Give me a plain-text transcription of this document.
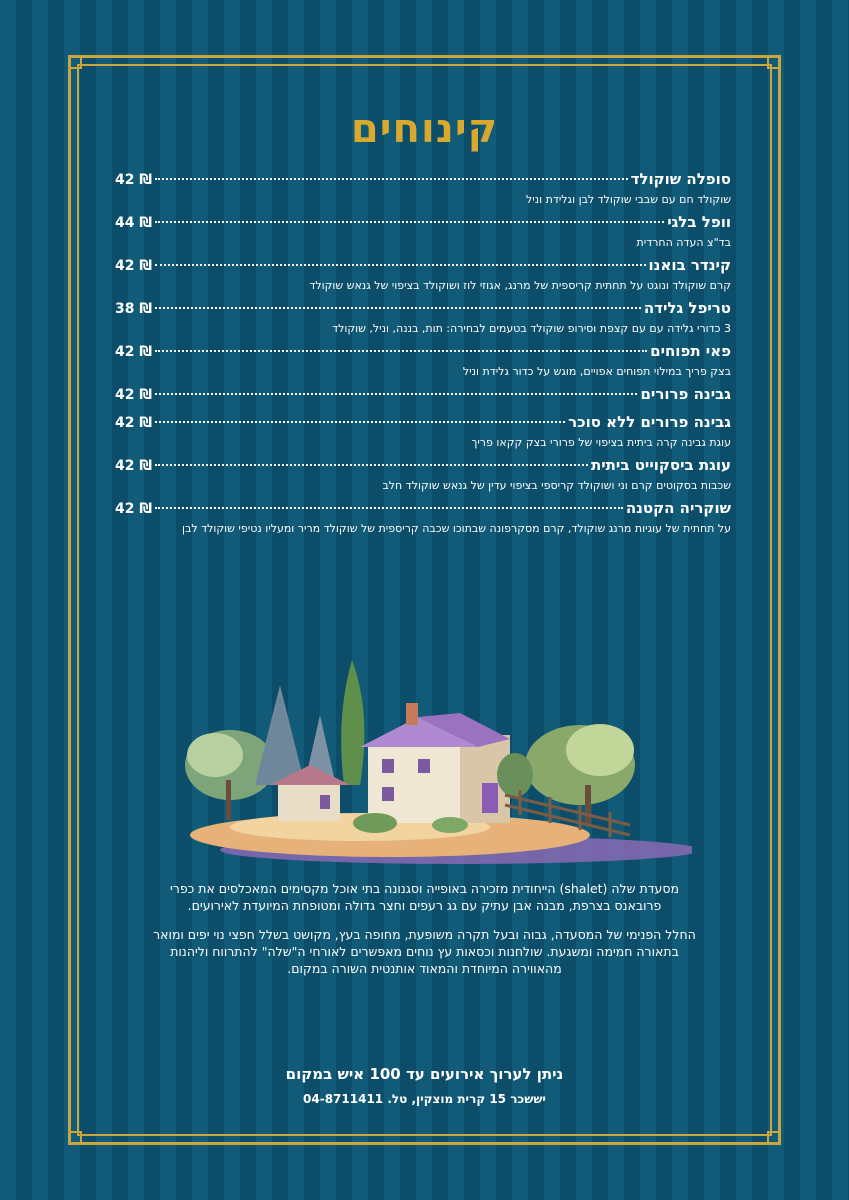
קינוחים
סופלה שוקולד
42 ₪
שוקולד חם עם שבבי שוקולד לבן וגלידת וניל
וופל בלגי
44 ₪
בד"צ העדה החרדית
קינדר בואנו
42 ₪
קרם שוקולד ונוגט על תחתית קריספית של מרנג, אגוזי לוז ושוקולד בציפוי של גנאש שוקולד
טריפל גלידה
38 ₪
3 כדורי גלידה עם עם קצפת וסירופ שוקולד בטעמים לבחירה: תות, בננה, וניל, שוקולד
פאי תפוחים
42 ₪
בצק פריך במילוי תפוחים אפויים, מוגש על כדור גלידת וניל
גבינה פרורים
42 ₪
גבינה פרורים ללא סוכר
42 ₪
עוגת גבינה קרה ביתית בציפוי של פרורי בצק קקאו פריך
עוגת ביסקוייט ביתית
42 ₪
שכבות בסקוטים קרם וני ושוקולד קריספי בציפוי עדין של גנאש שוקולד חלב
שוקריה הקטנה
42 ₪
על תחתית של עוגיות מרנג שוקולד, קרם מסקרפונה שבתוכו שכבה קריספית של שוקולד מריר ומעליו נטיפי שוקולד לבן

מסעדת שלה (shalet) הייחודית מזכירה באופייה וסגנונה בתי אוכל מקסימים המאכלסים את כפרי פרובאנס בצרפת, מבנה אבן עתיק עם גג רעפים וחצר גדולה ומטופחת המיועדת לאירועים.

החלל הפנימי של המסעדה, גבוה ובעל תקרה משופעת, מחופה בעץ, מקושט בשלל חפצי נוי יפים ומואר בתאורה חמימה ומשגעת. שולחנות וכסאות עץ נוחים מאפשרים לאורחי ה"שלה" להתרווח וליהנות מהאווירה המיוחדת והמאוד אותנטית השורה במקום.

ניתן לערוך אירועים עד 100 איש במקום
יששכר 15 קרית מוצקין, טל. 04-8711411
